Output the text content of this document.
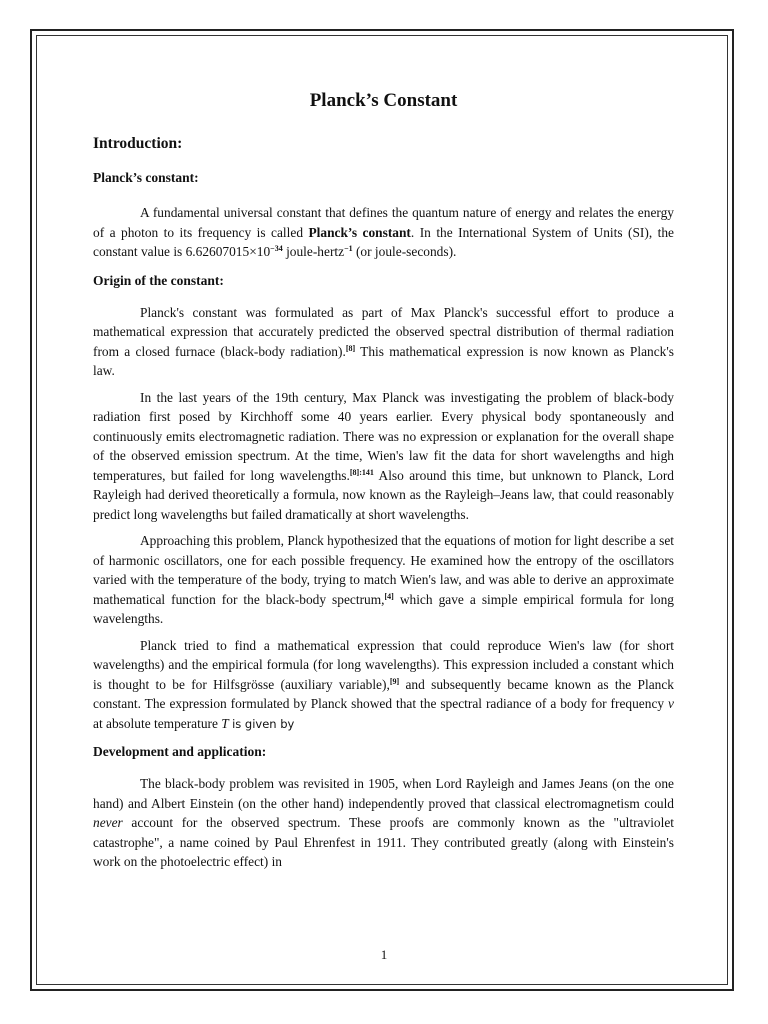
Planck’s Constant
Introduction:
Planck’s constant:

A fundamental universal constant that defines the quantum nature of energy and relates the energy of a photon to its frequency is called Planck’s constant. In the International System of Units (SI), the constant value is $6.62607015\times 10^{-34}$ joule-hertz$^{-1}$ (or joule-seconds).

Origin of the constant:

Planck's constant was formulated as part of Max Planck's successful effort to produce a mathematical expression that accurately predicted the observed spectral distribution of thermal radiation from a closed furnace (black-body radiation).[8] This mathematical expression is now known as Planck's law.

In the last years of the 19th century, Max Planck was investigating the problem of black-body radiation first posed by Kirchhoff some 40 years earlier. Every physical body spontaneously and continuously emits electromagnetic radiation. There was no expression or explanation for the overall shape of the observed emission spectrum. At the time, Wien's law fit the data for short wavelengths and high temperatures, but failed for long wavelengths.$^{[8]:141}$ Also around this time, but unknown to Planck, Lord Rayleigh had derived theoretically a formula, now known as the Rayleigh–Jeans law, that could reasonably predict long wavelengths but failed dramatically at short wavelengths.

Approaching this problem, Planck hypothesized that the equations of motion for light describe a set of harmonic oscillators, one for each possible frequency. He examined how the entropy of the oscillators varied with the temperature of the body, trying to match Wien's law, and was able to derive an approximate mathematical function for the black-body spectrum,[4] which gave a simple empirical formula for long wavelengths.

Planck tried to find a mathematical expression that could reproduce Wien's law (for short wavelengths) and the empirical formula (for long wavelengths). This expression included a constant which is thought to be for Hilfsgrösse (auxiliary variable),[9] and subsequently became known as the Planck constant. The expression formulated by Planck showed that the spectral radiance of a body for frequency ν at absolute temperature T is given by

Development and application:

The black-body problem was revisited in 1905, when Lord Rayleigh and James Jeans (on the one hand) and Albert Einstein (on the other hand) independently proved that classical electromagnetism could never account for the observed spectrum. These proofs are commonly known as the "ultraviolet catastrophe", a name coined by Paul Ehrenfest in 1911. They contributed greatly (along with Einstein's work on the photoelectric effect) in

1
